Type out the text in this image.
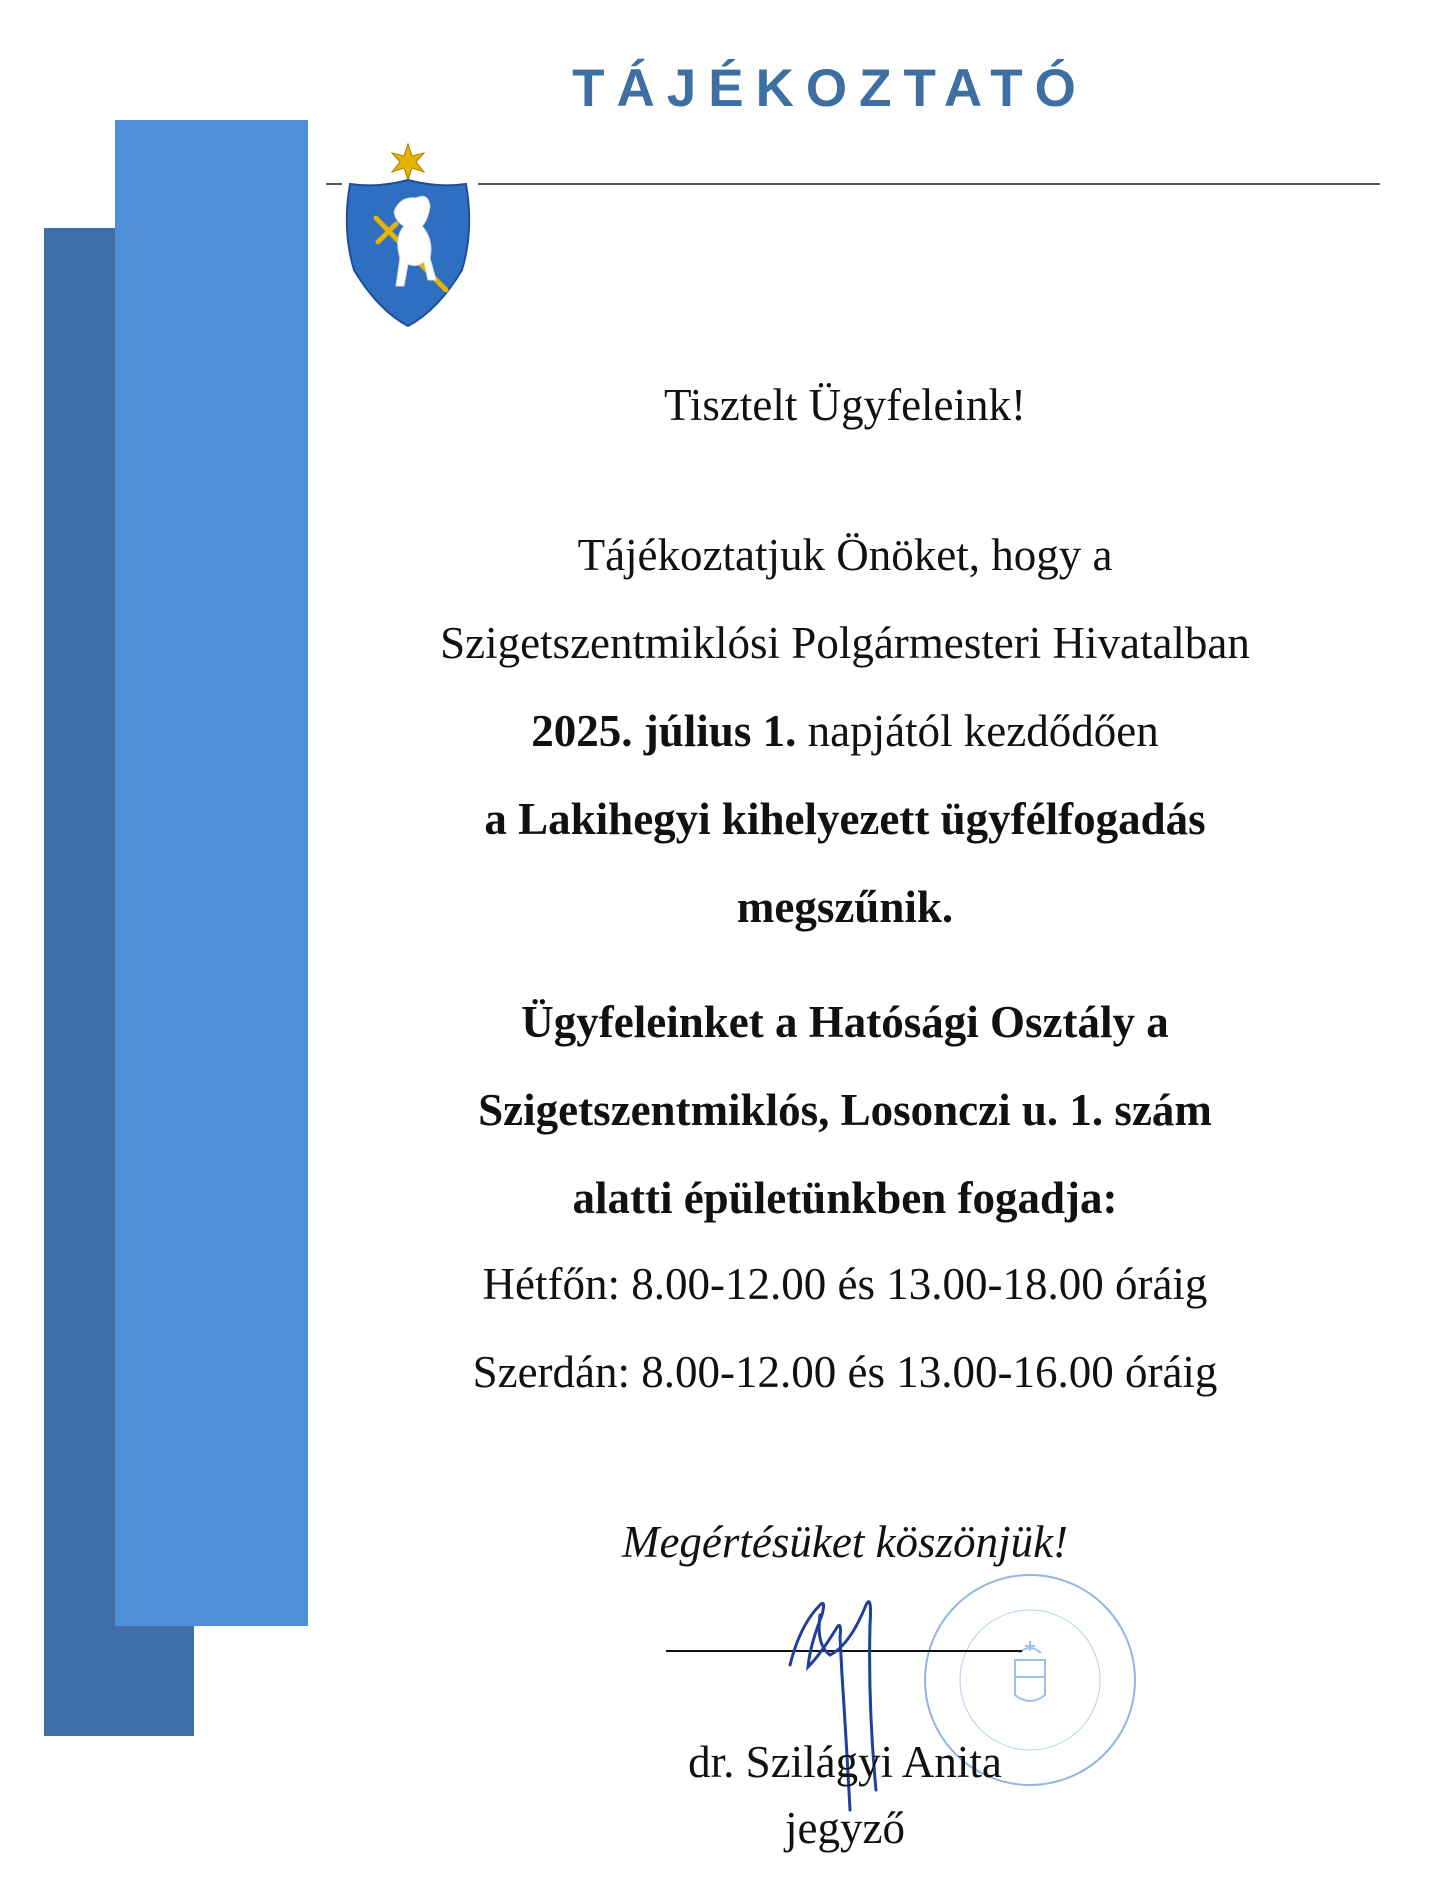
TÁJÉKOZTATÓ
Tisztelt Ügyfeleink!
Tájékoztatjuk Önöket, hogy a
Szigetszentmiklósi Polgármesteri Hivatalban
2025. július 1. napjától kezdődően
a Lakihegyi kihelyezett ügyfélfogadás
megszűnik.
Ügyfeleinket a Hatósági Osztály a
Szigetszentmiklós, Losonczi u. 1. szám
alatti épületünkben fogadja:
Hétfőn: 8.00-12.00 és 13.00-18.00 óráig
Szerdán: 8.00-12.00 és 13.00-16.00 óráig
Megértésüket köszönjük!
dr. Szilágyi Anita
jegyző
